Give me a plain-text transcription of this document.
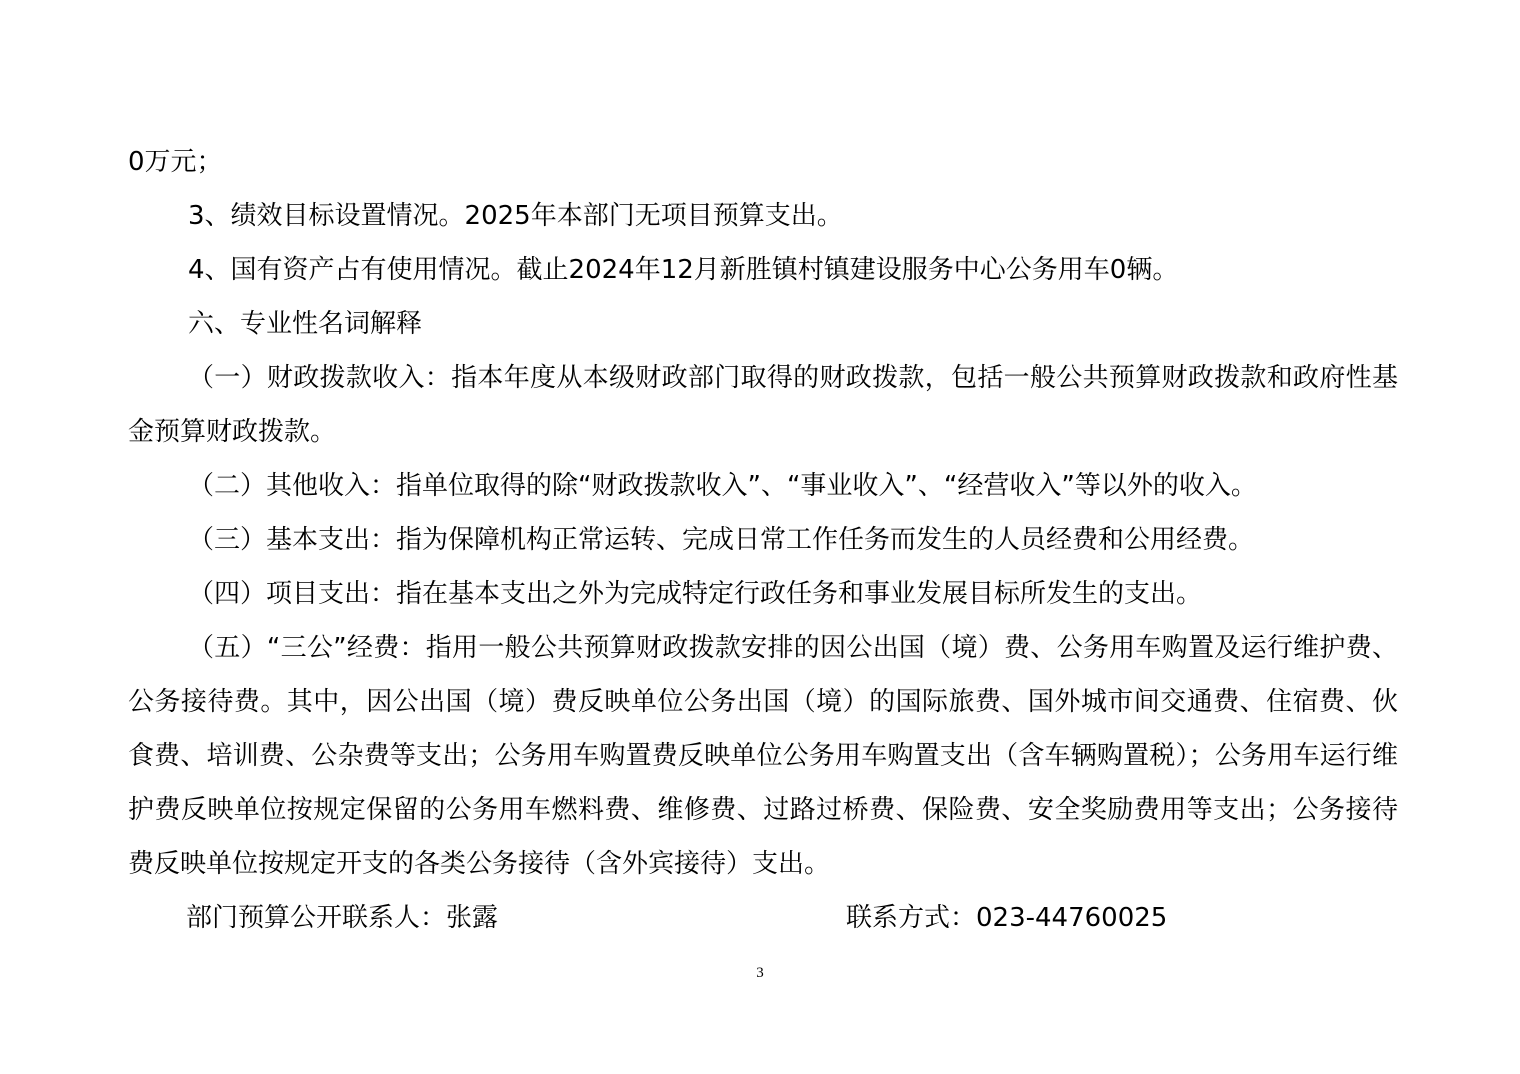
0万元；

3、绩效目标设置情况。2025年本部门无项目预算支出。

4、国有资产占有使用情况。截止2024年12月新胜镇村镇建设服务中心公务用车0辆。

六、专业性名词解释

（一）财政拨款收入：指本年度从本级财政部门取得的财政拨款，包括一般公共预算财政拨款和政府性基金预算财政拨款。

（二）其他收入：指单位取得的除“财政拨款收入”、“事业收入”、“经营收入”等以外的收入。

（三）基本支出：指为保障机构正常运转、完成日常工作任务而发生的人员经费和公用经费。

（四）项目支出：指在基本支出之外为完成特定行政任务和事业发展目标所发生的支出。

（五）“三公”经费：指用一般公共预算财政拨款安排的因公出国（境）费、公务用车购置及运行维护费、公务接待费。其中，因公出国（境）费反映单位公务出国（境）的国际旅费、国外城市间交通费、住宿费、伙食费、培训费、公杂费等支出；公务用车购置费反映单位公务用车购置支出（含车辆购置税）；公务用车运行维护费反映单位按规定保留的公务用车燃料费、维修费、过路过桥费、保险费、安全奖励费用等支出；公务接待费反映单位按规定开支的各类公务接待（含外宾接待）支出。

部门预算公开联系人：张露	联系方式：023-44760025
3
